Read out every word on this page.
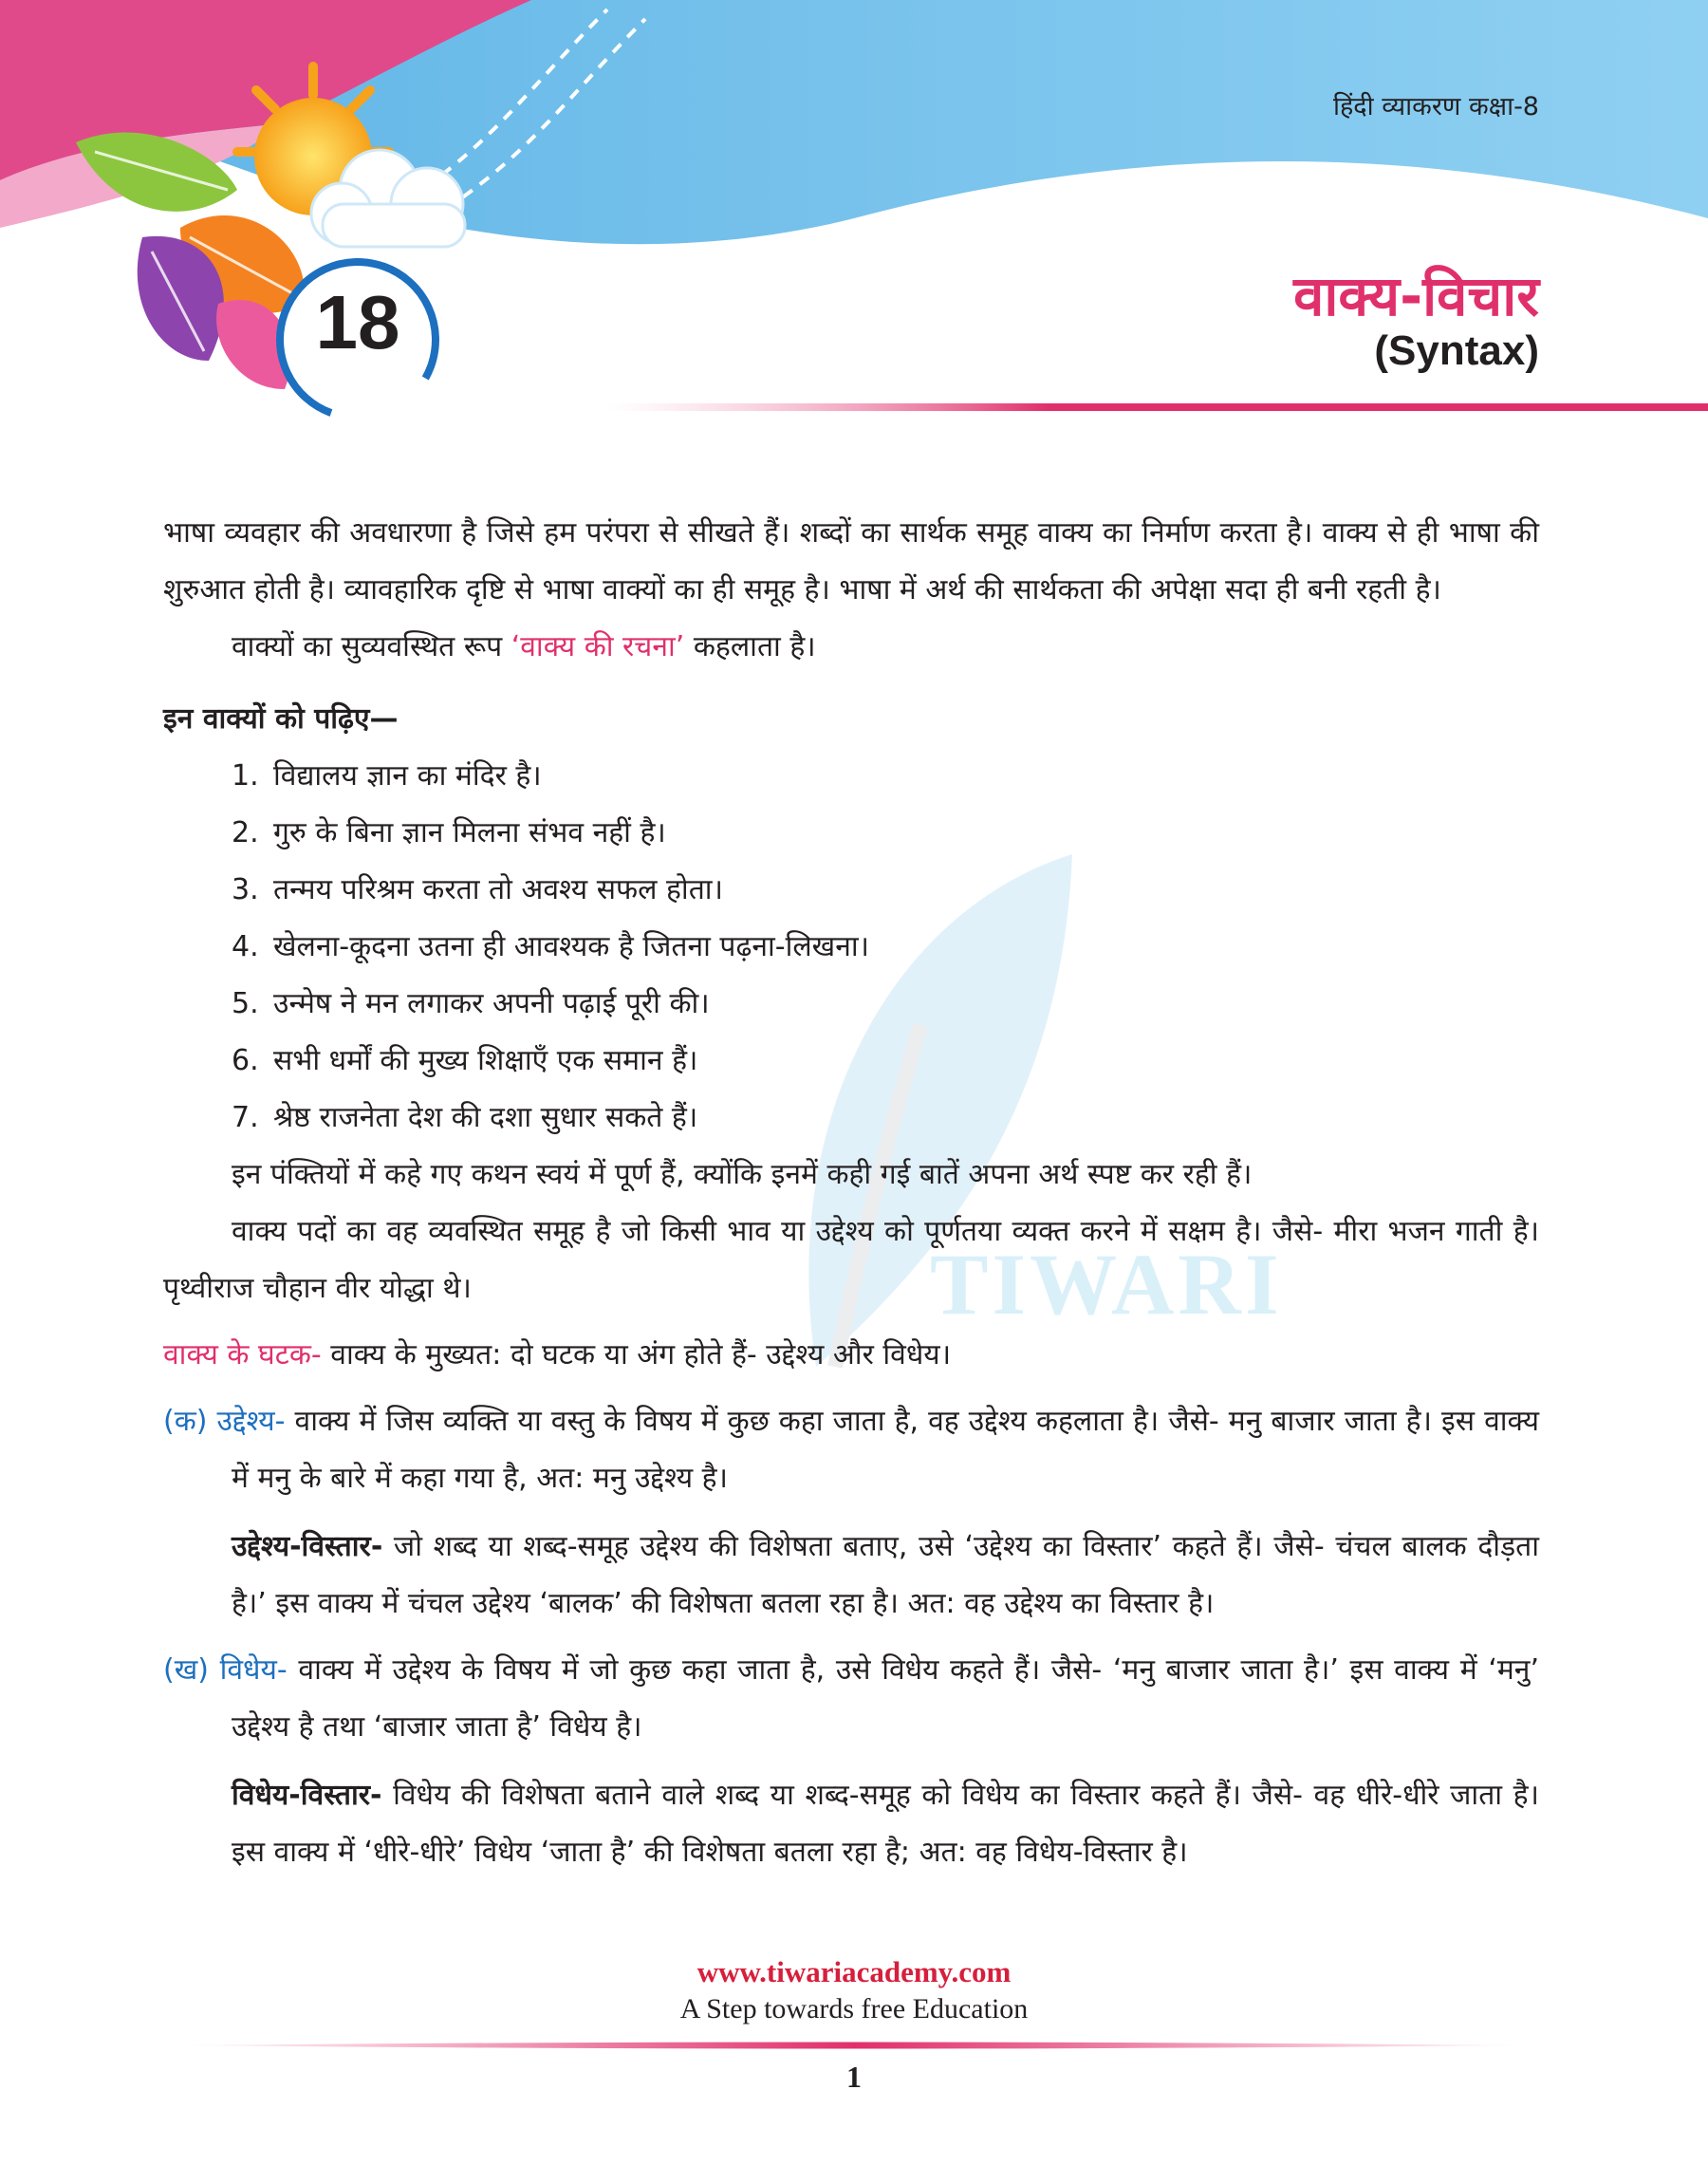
हिंदी व्याकरण कक्षा-8
18	वाक्य-विचार
(Syntax)
TIWARI

भाषा व्यवहार की अवधारणा है जिसे हम परंपरा से सीखते हैं। शब्दों का सार्थक समूह वाक्य का निर्माण करता है। वाक्य से ही भाषा की शुरुआत होती है। व्यावहारिक दृष्टि से भाषा वाक्यों का ही समूह है। भाषा में अर्थ की सार्थकता की अपेक्षा सदा ही बनी रहती है।

वाक्यों का सुव्यवस्थित रूप ‘वाक्य की रचना’ कहलाता है।

इन वाक्यों को पढ़िए—

1. विद्यालय ज्ञान का मंदिर है।
2. गुरु के बिना ज्ञान मिलना संभव नहीं है।
3. तन्मय परिश्रम करता तो अवश्य सफल होता।
4. खेलना-कूदना उतना ही आवश्यक है जितना पढ़ना-लिखना।
5. उन्मेष ने मन लगाकर अपनी पढ़ाई पूरी की।
6. सभी धर्मों की मुख्य शिक्षाएँ एक समान हैं।
7. श्रेष्ठ राजनेता देश की दशा सुधार सकते हैं।

इन पंक्तियों में कहे गए कथन स्वयं में पूर्ण हैं, क्योंकि इनमें कही गई बातें अपना अर्थ स्पष्ट कर रही हैं।

वाक्य पदों का वह व्यवस्थित समूह है जो किसी भाव या उद्देश्य को पूर्णतया व्यक्त करने में सक्षम है। जैसे- मीरा भजन गाती है। पृथ्वीराज चौहान वीर योद्धा थे।

वाक्य के घटक- वाक्य के मुख्यत: दो घटक या अंग होते हैं- उद्देश्य और विधेय।

(क) उद्देश्य- वाक्य में जिस व्यक्ति या वस्तु के विषय में कुछ कहा जाता है, वह उद्देश्य कहलाता है। जैसे- मनु बाजार जाता है। इस वाक्य में मनु के बारे में कहा गया है, अत: मनु उद्देश्य है।

उद्देश्य-विस्तार- जो शब्द या शब्द-समूह उद्देश्य की विशेषता बताए, उसे ‘उद्देश्य का विस्तार’ कहते हैं। जैसे- चंचल बालक दौड़ता है।’ इस वाक्य में चंचल उद्देश्य ‘बालक’ की विशेषता बतला रहा है। अत: वह उद्देश्य का विस्तार है।

(ख) विधेय- वाक्य में उद्देश्य के विषय में जो कुछ कहा जाता है, उसे विधेय कहते हैं। जैसे- ‘मनु बाजार जाता है।’ इस वाक्य में ‘मनु’ उद्देश्य है तथा ‘बाजार जाता है’ विधेय है।

विधेय-विस्तार- विधेय की विशेषता बताने वाले शब्द या शब्द-समूह को विधेय का विस्तार कहते हैं। जैसे- वह धीरे-धीरे जाता है। इस वाक्य में ‘धीरे-धीरे’ विधेय ‘जाता है’ की विशेषता बतला रहा है; अत: वह विधेय-विस्तार है।

www.tiwariacademy.com
A Step towards free Education
1
